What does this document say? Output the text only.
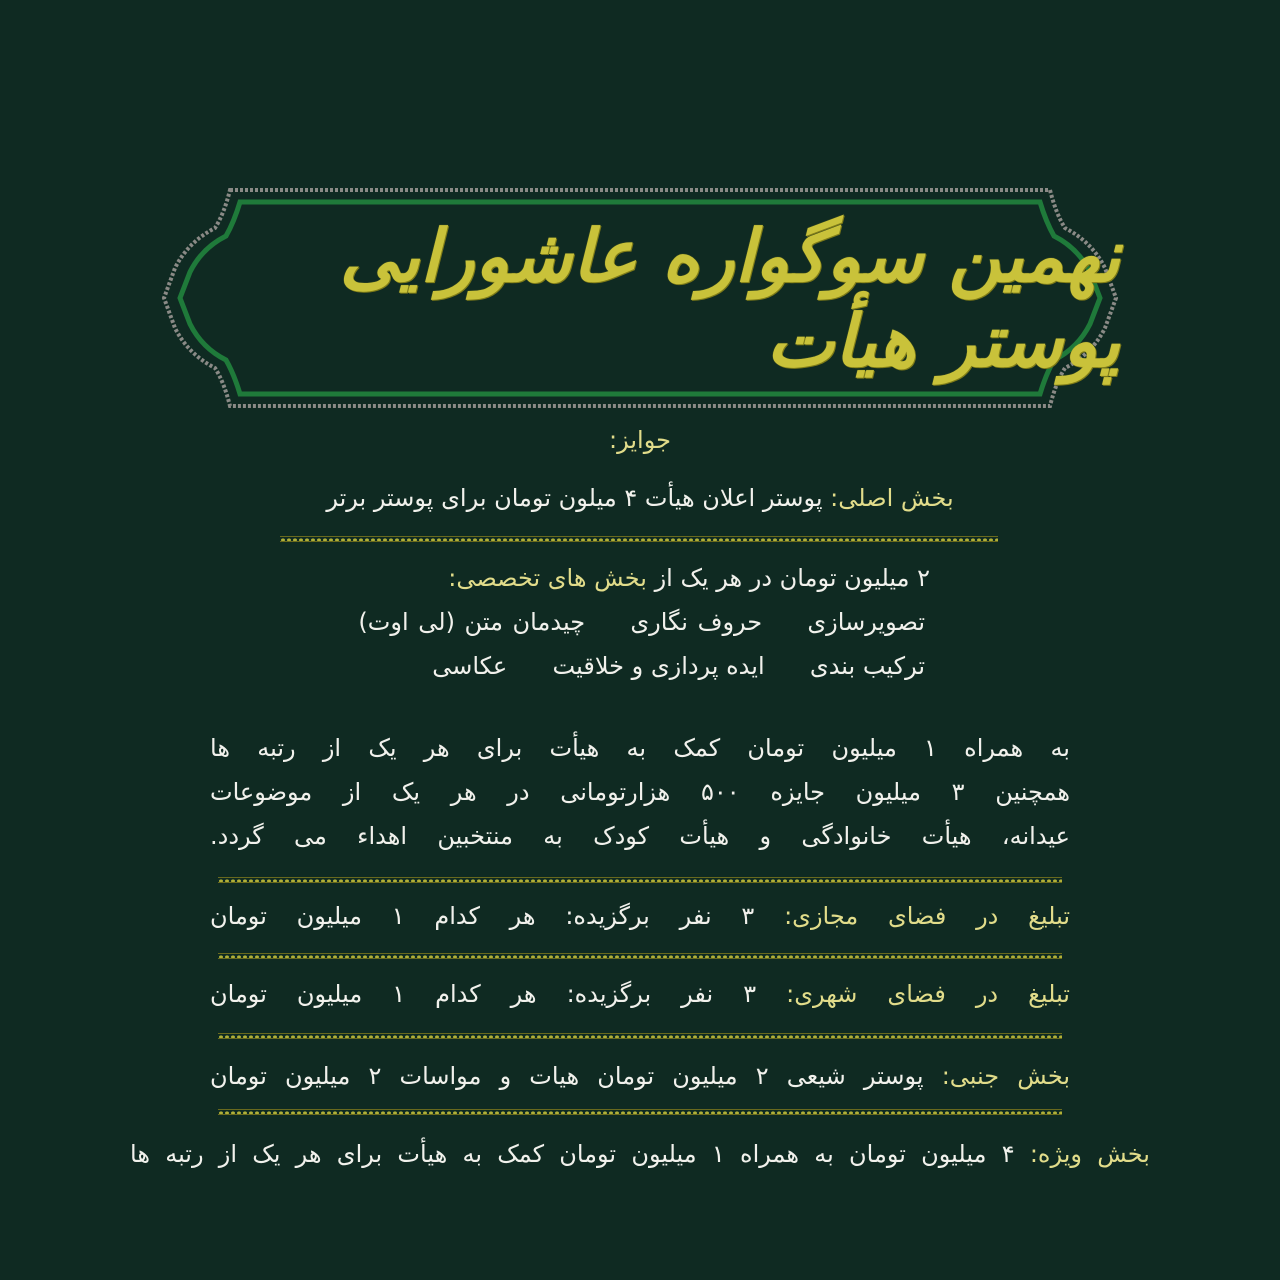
نهمین سوگواره عاشورایی پوستر هیأت
جوایز:
بخش اصلی: پوستر اعلان هیأت ۴ میلون تومان برای پوستر برتر
۲ میلیون تومان در هر یک از بخش های تخصصی:
تصویرسازی  حروف نگاری  چیدمان متن (لی اوت)
ترکیب بندی  ایده پردازی و خلاقیت  عکاسی
به همراه ۱ میلیون تومان کمک به هیأت برای هر یک از رتبه ها
همچنین ۳ میلیون جایزه ۵۰۰ هزارتومانی در هر یک از موضوعات
عیدانه، هیأت خانوادگی و هیأت کودک به منتخبین اهداء می گردد.
تبلیغ در فضای مجازی: ۳ نفر برگزیده: هر کدام ۱ میلیون تومان
تبلیغ در فضای شهری: ۳ نفر برگزیده: هر کدام ۱ میلیون تومان
بخش جنبی: پوستر شیعی ۲ میلیون تومان هیات و مواسات ۲ میلیون تومان
بخش ویژه: ۴ میلیون تومان به همراه ۱ میلیون تومان کمک به هیأت برای هر یک از رتبه ها
